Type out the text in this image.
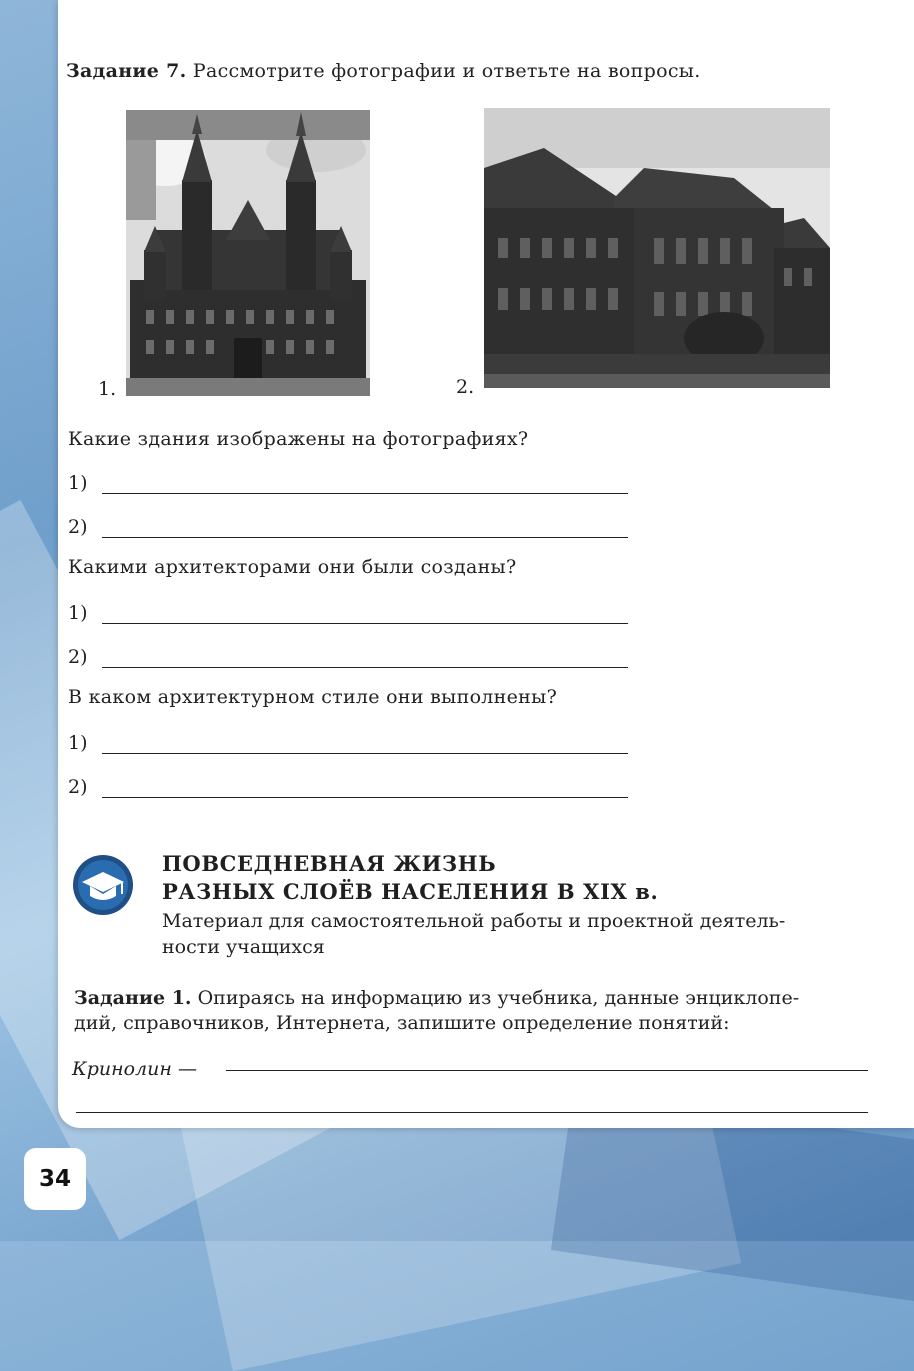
Задание 7. Рассмотрите фотографии и ответьте на вопросы.
1.	2.
Какие здания изображены на фотографиях?
1)
2)
Какими архитекторами они были созданы?
1)
2)
В каком архитектурном стиле они выполнены?
1)
2)
ПОВСЕДНЕВНАЯ ЖИЗНЬ
РАЗНЫХ СЛОЁВ НАСЕЛЕНИЯ В XIX в.
Материал для самостоятельной работы и проектной деятель-
ности учащихся
Задание 1. Опираясь на информацию из учебника, данные энциклопе-
дий, справочников, Интернета, запишите определение понятий:
Кринолин —
34
